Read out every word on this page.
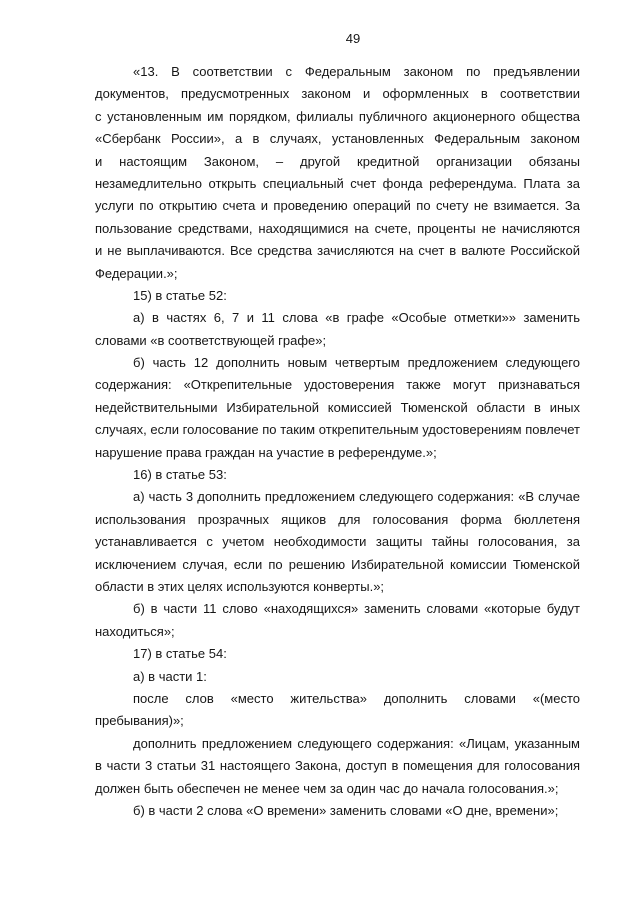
49
«13. В соответствии с Федеральным законом по предъявлении
документов, предусмотренных законом и оформленных в соответствии
с установленным им порядком, филиалы публичного акционерного общества
«Сбербанк России», а в случаях, установленных Федеральным законом
и настоящим Законом, – другой кредитной организации обязаны
незамедлительно открыть специальный счет фонда референдума. Плата за
услуги по открытию счета и проведению операций по счету не взимается. За
пользование средствами, находящимися на счете, проценты не начисляются
и не выплачиваются. Все средства зачисляются на счет в валюте Российской
Федерации.»;
15) в статье 52:
а) в частях 6, 7 и 11 слова «в графе «Особые отметки»» заменить
словами «в соответствующей графе»;
б) часть 12 дополнить новым четвертым предложением следующего
содержания: «Открепительные удостоверения также могут признаваться
недействительными Избирательной комиссией Тюменской области в иных
случаях, если голосование по таким открепительным удостоверениям повлечет
нарушение права граждан на участие в референдуме.»;
16) в статье 53:
а) часть 3 дополнить предложением следующего содержания: «В случае
использования прозрачных ящиков для голосования форма бюллетеня
устанавливается с учетом необходимости защиты тайны голосования, за
исключением случая, если по решению Избирательной комиссии Тюменской
области в этих целях используются конверты.»;
б) в части 11 слово «находящихся» заменить словами «которые будут
находиться»;
17) в статье 54:
а) в части 1:
после слов «место жительства» дополнить словами «(место
пребывания)»;
дополнить предложением следующего содержания: «Лицам, указанным
в части 3 статьи 31 настоящего Закона, доступ в помещения для голосования
должен быть обеспечен не менее чем за один час до начала голосования.»;
б) в части 2 слова «О времени» заменить словами «О дне, времени»;
